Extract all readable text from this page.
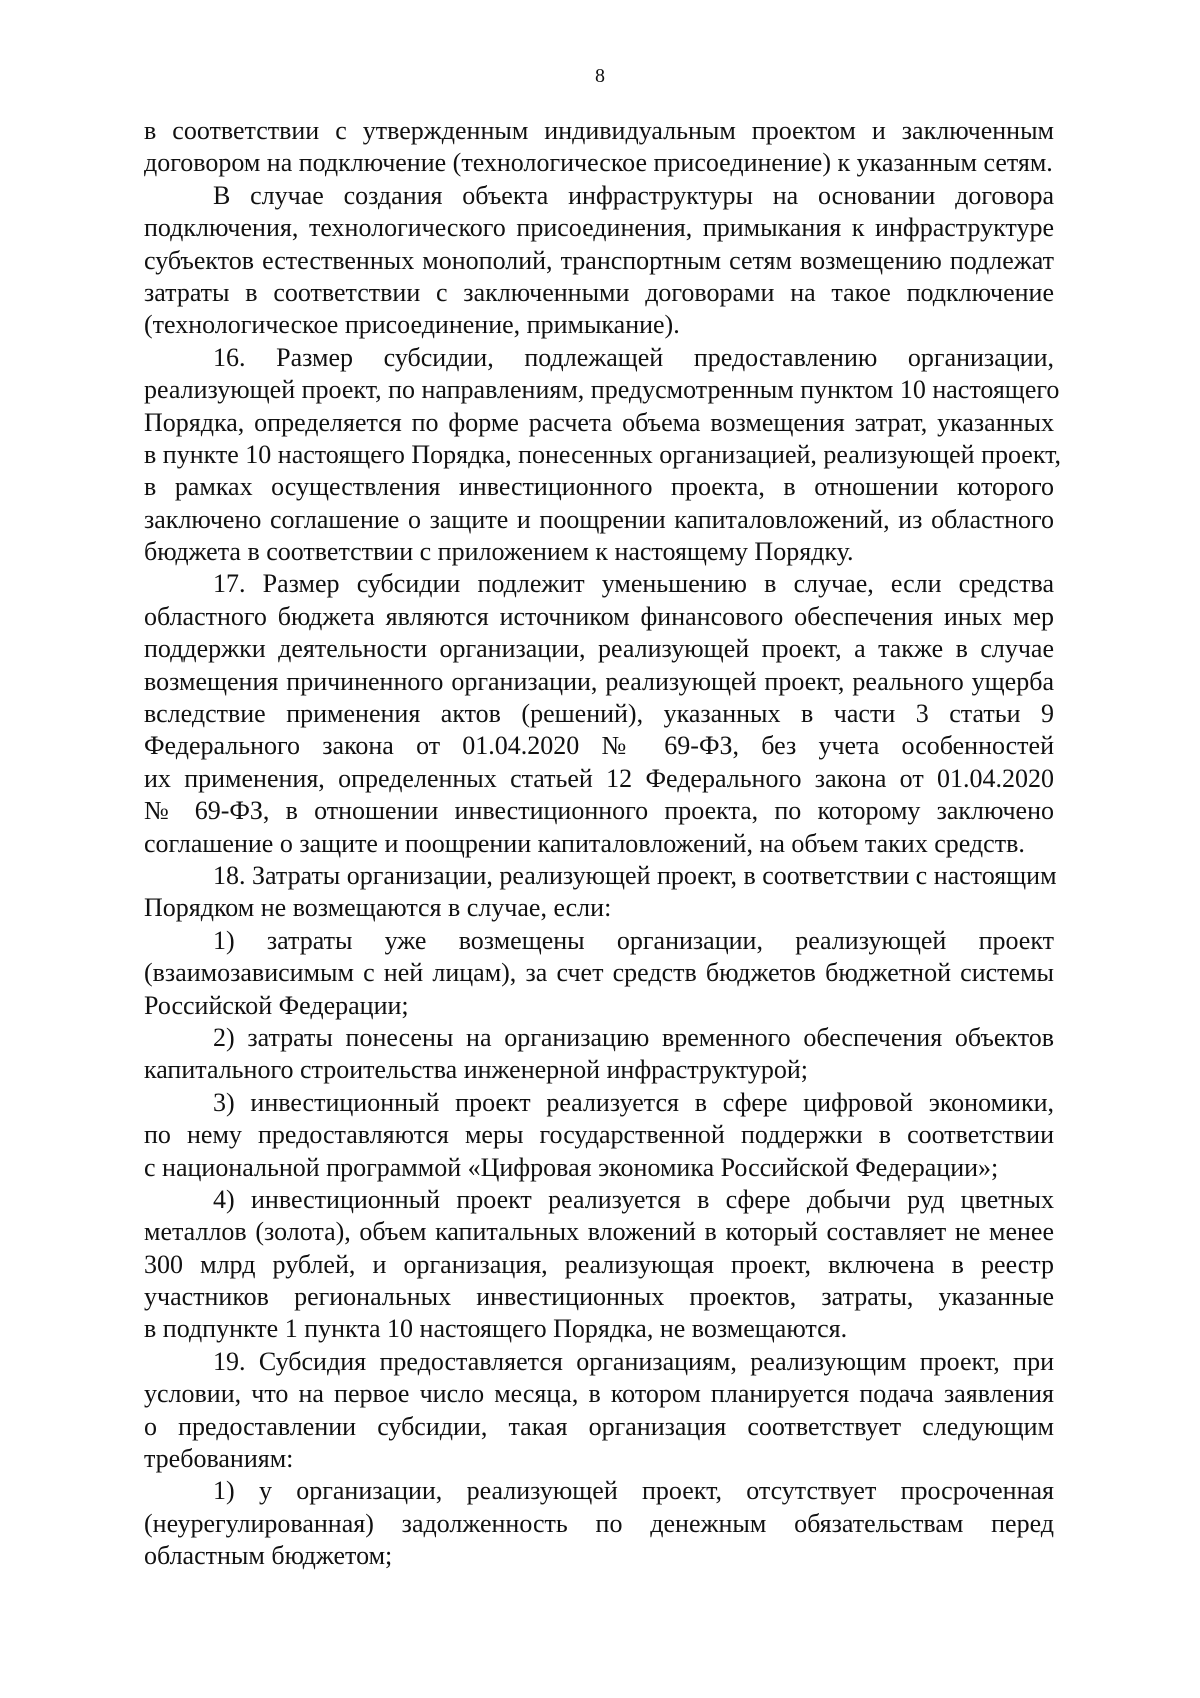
8
в соответствии с утвержденным индивидуальным проектом и заключенным
договором на подключение (технологическое присоединение) к указанным сетям.
В случае создания объекта инфраструктуры на основании договора
подключения, технологического присоединения, примыкания к инфраструктуре
субъектов естественных монополий, транспортным сетям возмещению подлежат
затраты в соответствии с заключенными договорами на такое подключение
(технологическое присоединение, примыкание).
16. Размер субсидии, подлежащей предоставлению организации,
реализующей проект, по направлениям, предусмотренным пунктом 10 настоящего
Порядка, определяется по форме расчета объема возмещения затрат, указанных
в пункте 10 настоящего Порядка, понесенных организацией, реализующей проект,
в рамках осуществления инвестиционного проекта, в отношении которого
заключено соглашение о защите и поощрении капиталовложений, из областного
бюджета в соответствии с приложением к настоящему Порядку.
17. Размер субсидии подлежит уменьшению в случае, если средства
областного бюджета являются источником финансового обеспечения иных мер
поддержки деятельности организации, реализующей проект, а также в случае
возмещения причиненного организации, реализующей проект, реального ущерба
вследствие применения актов (решений), указанных в части 3 статьи 9
Федерального закона от 01.04.2020 № 69-ФЗ, без учета особенностей
их применения, определенных статьей 12 Федерального закона от 01.04.2020
№ 69-ФЗ, в отношении инвестиционного проекта, по которому заключено
соглашение о защите и поощрении капиталовложений, на объем таких средств.
18. Затраты организации, реализующей проект, в соответствии с настоящим
Порядком не возмещаются в случае, если:
1) затраты уже возмещены организации, реализующей проект
(взаимозависимым с ней лицам), за счет средств бюджетов бюджетной системы
Российской Федерации;
2) затраты понесены на организацию временного обеспечения объектов
капитального строительства инженерной инфраструктурой;
3) инвестиционный проект реализуется в сфере цифровой экономики,
по нему предоставляются меры государственной поддержки в соответствии
с национальной программой «Цифровая экономика Российской Федерации»;
4) инвестиционный проект реализуется в сфере добычи руд цветных
металлов (золота), объем капитальных вложений в который составляет не менее
300 млрд рублей, и организация, реализующая проект, включена в реестр
участников региональных инвестиционных проектов, затраты, указанные
в подпункте 1 пункта 10 настоящего Порядка, не возмещаются.
19. Субсидия предоставляется организациям, реализующим проект, при
условии, что на первое число месяца, в котором планируется подача заявления
о предоставлении субсидии, такая организация соответствует следующим
требованиям:
1) у организации, реализующей проект, отсутствует просроченная
(неурегулированная) задолженность по денежным обязательствам перед
областным бюджетом;
